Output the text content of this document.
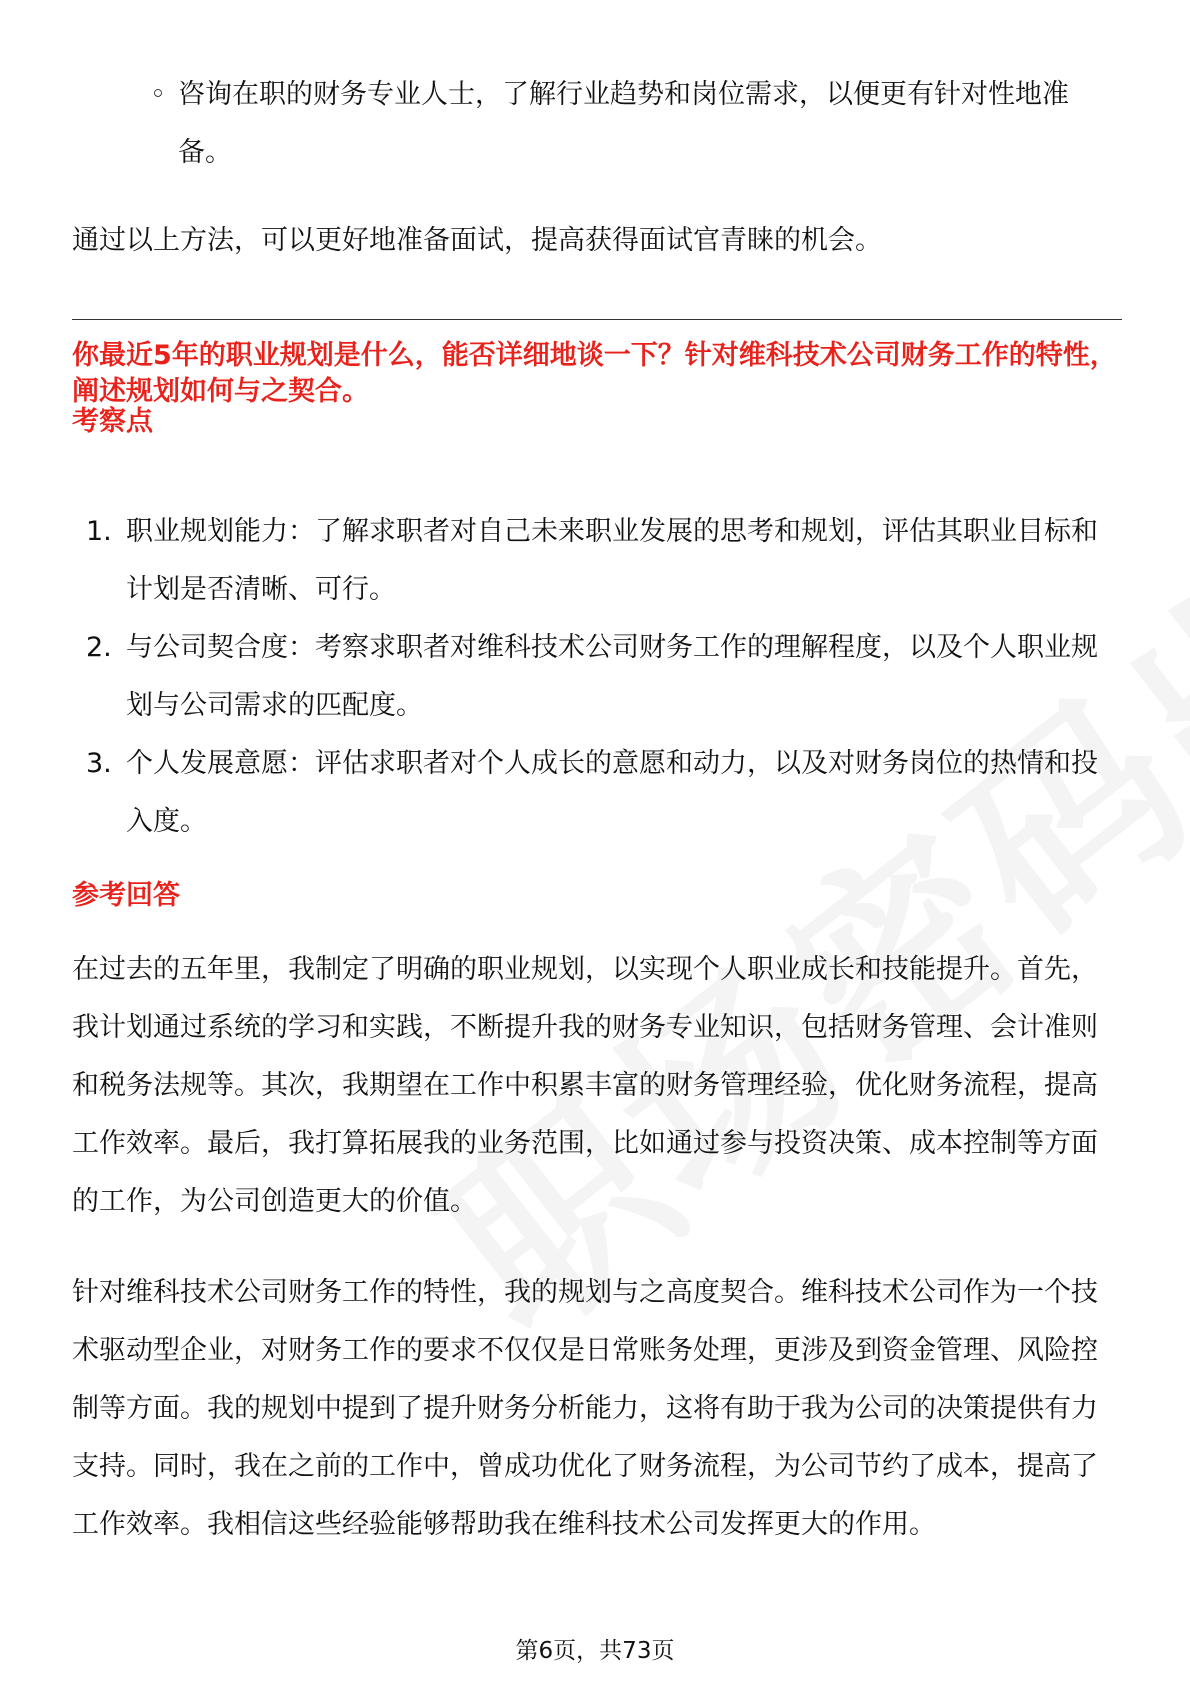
◦ 咨询在职的财务专业人士，了解行业趋势和岗位需求，以便更有针对性地准备。
通过以上方法，可以更好地准备面试，提高获得面试官青睐的机会。
你最近5年的职业规划是什么，能否详细地谈一下？针对维科技术公司财务工作的特性，阐述规划如何与之契合。
考察点
1. 职业规划能力：了解求职者对自己未来职业发展的思考和规划，评估其职业目标和计划是否清晰、可行。
2. 与公司契合度：考察求职者对维科技术公司财务工作的理解程度，以及个人职业规划与公司需求的匹配度。
3. 个人发展意愿：评估求职者对个人成长的意愿和动力，以及对财务岗位的热情和投入度。
参考回答
在过去的五年里，我制定了明确的职业规划，以实现个人职业成长和技能提升。首先，我计划通过系统的学习和实践，不断提升我的财务专业知识，包括财务管理、会计准则和税务法规等。其次，我期望在工作中积累丰富的财务管理经验，优化财务流程，提高工作效率。最后，我打算拓展我的业务范围，比如通过参与投资决策、成本控制等方面的工作，为公司创造更大的价值。
针对维科技术公司财务工作的特性，我的规划与之高度契合。维科技术公司作为一个技术驱动型企业，对财务工作的要求不仅仅是日常账务处理，更涉及到资金管理、风险控制等方面。我的规划中提到了提升财务分析能力，这将有助于我为公司的决策提供有力支持。同时，我在之前的工作中，曾成功优化了财务流程，为公司节约了成本，提高了工作效率。我相信这些经验能够帮助我在维科技术公司发挥更大的作用。
第6页，共73页
